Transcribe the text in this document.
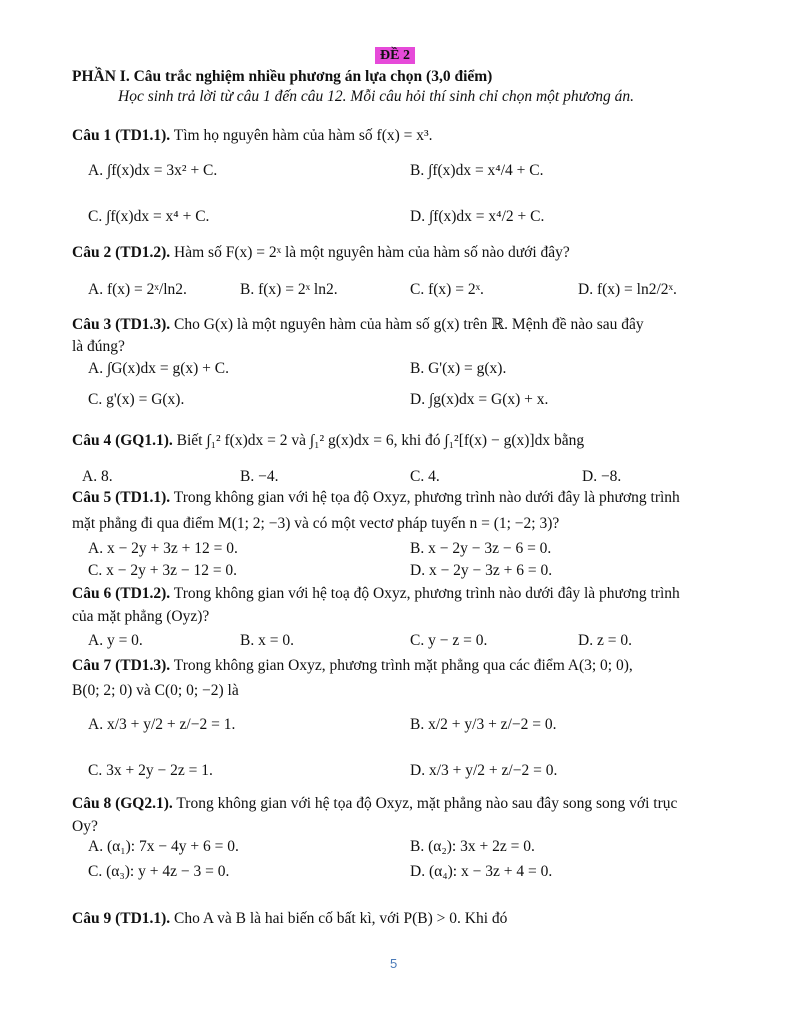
ĐỀ 2
PHẦN I. Câu trắc nghiệm nhiều phương án lựa chọn (3,0 điểm)
Học sinh trả lời từ câu 1 đến câu 12. Mỗi câu hỏi thí sinh chỉ chọn một phương án.
Câu 1 (TD1.1). Tìm họ nguyên hàm của hàm số f(x) = x³.
A. ∫f(x)dx = 3x² + C.	B. ∫f(x)dx = x⁴/4 + C.
C. ∫f(x)dx = x⁴ + C.	D. ∫f(x)dx = x⁴/2 + C.
Câu 2 (TD1.2). Hàm số F(x) = 2ˣ là một nguyên hàm của hàm số nào dưới đây?
A. f(x) = 2ˣ/ln2.	B. f(x) = 2ˣ ln2.	C. f(x) = 2ˣ.	D. f(x) = ln2/2ˣ.
Câu 3 (TD1.3). Cho G(x) là một nguyên hàm của hàm số g(x) trên ℝ. Mệnh đề nào sau đây
là đúng?
A. ∫G(x)dx = g(x) + C.	B. G'(x) = g(x).
C. g'(x) = G(x).	D. ∫g(x)dx = G(x) + x.
Câu 4 (GQ1.1). Biết ∫₁² f(x)dx = 2 và ∫₁² g(x)dx = 6, khi đó ∫₁²[f(x) − g(x)]dx bằng
A. 8.	B. −4.	C. 4.	D. −8.
Câu 5 (TD1.1). Trong không gian với hệ tọa độ Oxyz, phương trình nào dưới đây là phương trình
mặt phẳng đi qua điểm M(1; 2; −3) và có một vectơ pháp tuyến n = (1; −2; 3)?
A. x − 2y + 3z + 12 = 0.	B. x − 2y − 3z − 6 = 0.
C. x − 2y + 3z − 12 = 0.	D. x − 2y − 3z + 6 = 0.
Câu 6 (TD1.2). Trong không gian với hệ toạ độ Oxyz, phương trình nào dưới đây là phương trình
của mặt phẳng (Oyz)?
A. y = 0.	B. x = 0.	C. y − z = 0.	D. z = 0.
Câu 7 (TD1.3). Trong không gian Oxyz, phương trình mặt phẳng qua các điểm A(3; 0; 0),
B(0; 2; 0) và C(0; 0; −2) là
A. x/3 + y/2 + z/−2 = 1.	B. x/2 + y/3 + z/−2 = 0.
C. 3x + 2y − 2z = 1.	D. x/3 + y/2 + z/−2 = 0.
Câu 8 (GQ2.1). Trong không gian với hệ tọa độ Oxyz, mặt phẳng nào sau đây song song với trục
Oy?
A. (α₁): 7x − 4y + 6 = 0.	B. (α₂): 3x + 2z = 0.
C. (α₃): y + 4z − 3 = 0.	D. (α₄): x − 3z + 4 = 0.
Câu 9 (TD1.1). Cho A và B là hai biến cố bất kì, với P(B) > 0. Khi đó
5
